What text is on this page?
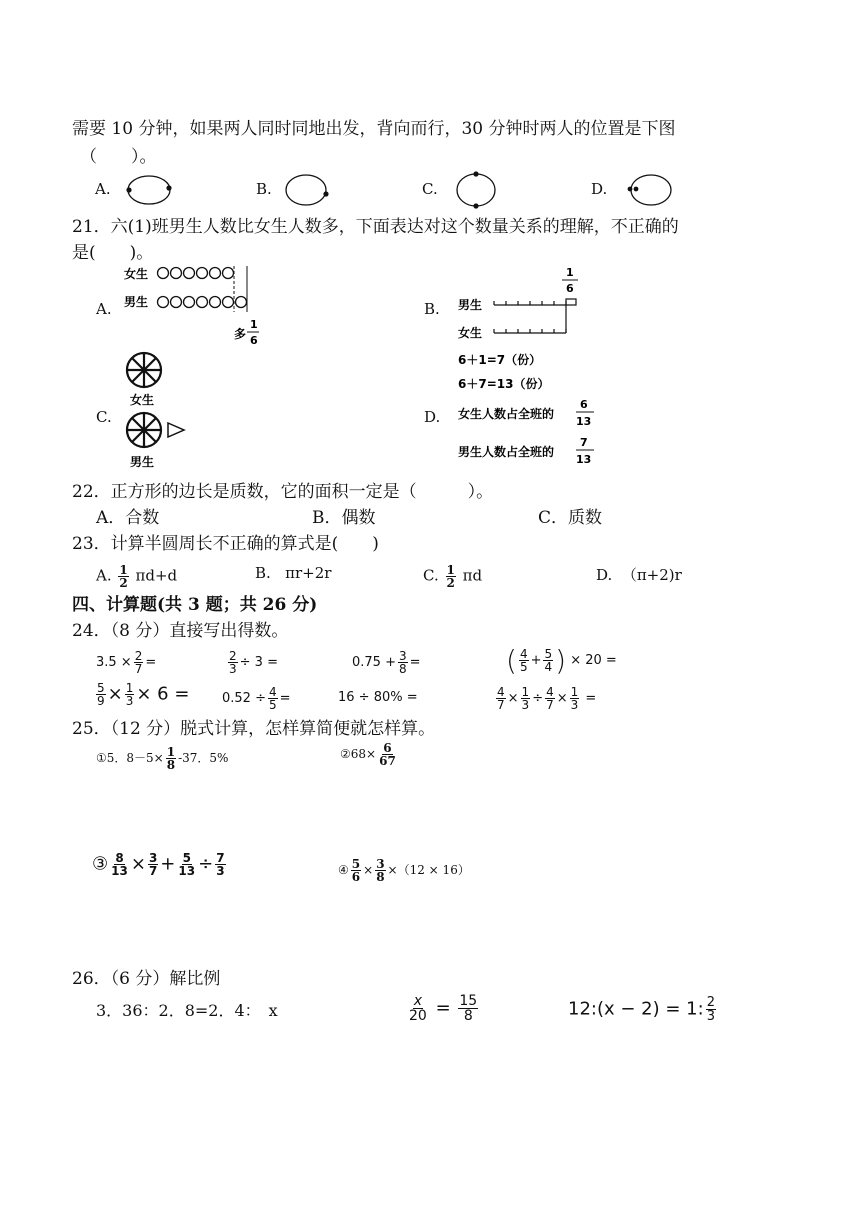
需要 10 分钟，如果两人同时同地出发，背向而行，30 分钟时两人的位置是下图
（　　）。
A.	B.	C.	D.
21．六(1)班男生人数比女生人数多，下面表达对这个数量关系的理解，不正确的
是(　　)。
A.
女生
男生
多
1
6
B.
1
6
男生
女生
C.
女生
男生
D.
6＋1=7（份）
6＋7=13（份）
女生人数占全班的
6
13
男生人数占全班的
7
13
22．正方形的边长是质数，它的面积一定是（　　　）。
A．合数	B．偶数	C．质数
23．计算半圆周长不正确的算式是(　　)
A. $\frac{1}{2} \pi d+d$	B. πr+2r	C. $\frac{1}{2}$ πd	D. （π+2)r
四、计算题(共 3 题；共 26 分)
24．（8 分）直接写出得数。
$3.5 \times \frac{2}{7}$ =	$\frac{2}{3} \div 3$ =	$0.75 + \frac{3}{8}$ =	( $\frac{4}{5} + \frac{5}{4}$ ) × 20 =
$\frac{5}{9} \times \frac{1}{3} \times 6$ =	$0.52 \div \frac{4}{5}$ =	16 ÷ 80% =	$\frac{4}{7} \times \frac{1}{3} \div \frac{4}{7} \times \frac{1}{3}$ =
25．（12 分）脱式计算，怎样算简便就怎样算。
①5．$8-5\times \frac{1}{8} -37$．5%	②68× $\frac{6}{67}$
③ $\frac{8}{13} \times \frac{3}{7} + \frac{5}{13} \div \frac{7}{3}$	④ $\frac{5}{6} \times \frac{3}{8} \times(12 \times 16)$
26．（6 分）解比例
3．36：2．8=2．4：　x	$\frac{x}{20} = \frac{15}{8}$	12:(x − 2) = 1: $\frac{2}{3}$
